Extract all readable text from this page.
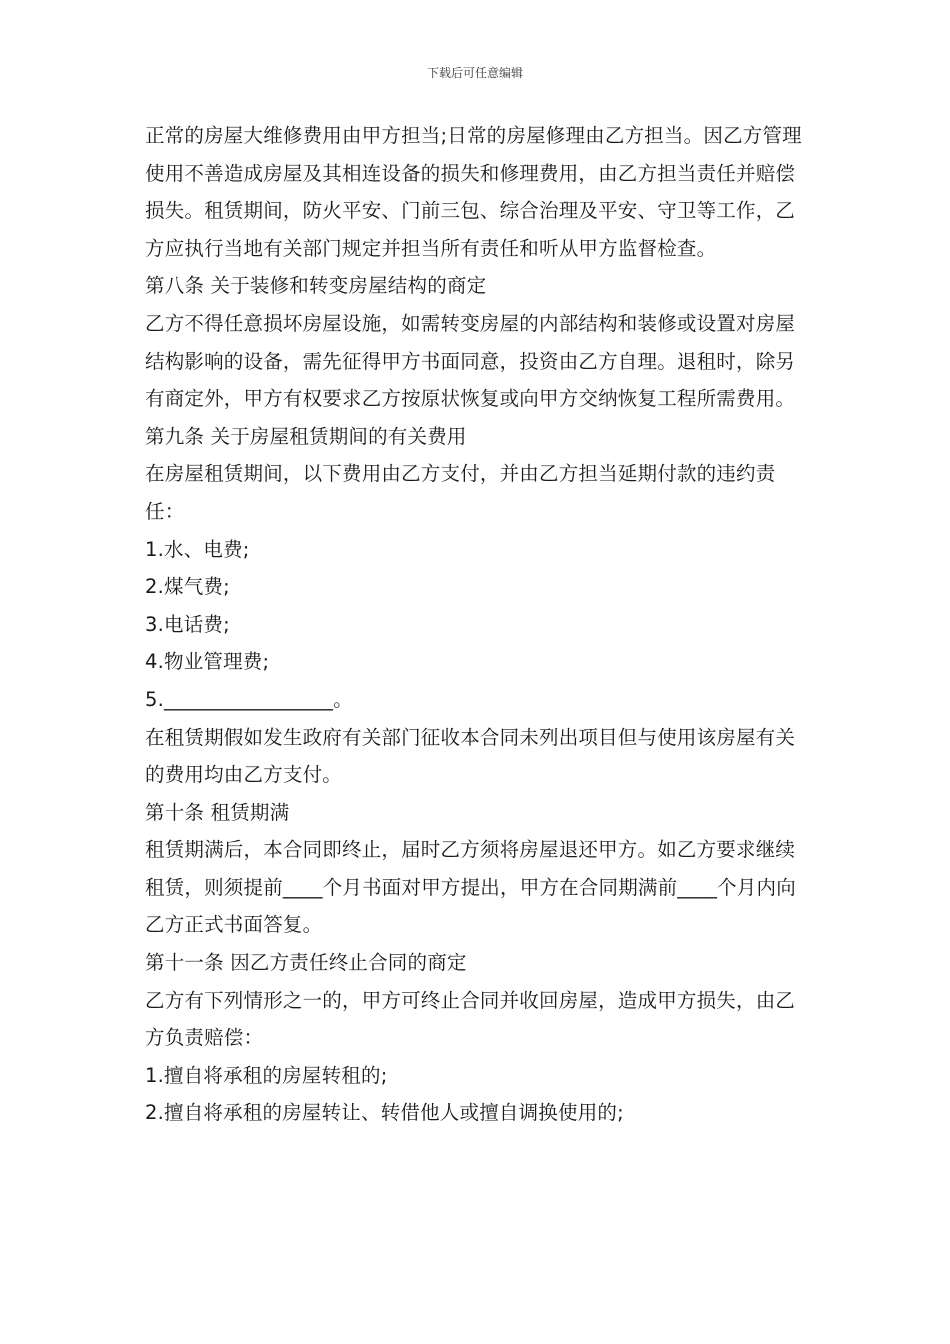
下载后可任意编辑

正常的房屋大维修费用由甲方担当;日常的房屋修理由乙方担当。因乙方管理使用不善造成房屋及其相连设备的损失和修理费用，由乙方担当责任并赔偿损失。租赁期间，防火平安、门前三包、综合治理及平安、守卫等工作，乙方应执行当地有关部门规定并担当所有责任和听从甲方监督检查。

第八条 关于装修和转变房屋结构的商定

乙方不得任意损坏房屋设施，如需转变房屋的内部结构和装修或设置对房屋结构影响的设备，需先征得甲方书面同意，投资由乙方自理。退租时，除另有商定外，甲方有权要求乙方按原状恢复或向甲方交纳恢复工程所需费用。

第九条 关于房屋租赁期间的有关费用

在房屋租赁期间，以下费用由乙方支付，并由乙方担当延期付款的违约责任：

1.水、电费;

2.煤气费;

3.电话费;

4.物业管理费;

5._________________。

在租赁期假如发生政府有关部门征收本合同未列出项目但与使用该房屋有关的费用均由乙方支付。

第十条 租赁期满

租赁期满后，本合同即终止，届时乙方须将房屋退还甲方。如乙方要求继续租赁，则须提前____个月书面对甲方提出，甲方在合同期满前____个月内向乙方正式书面答复。

第十一条 因乙方责任终止合同的商定

乙方有下列情形之一的，甲方可终止合同并收回房屋，造成甲方损失，由乙方负责赔偿：

1.擅自将承租的房屋转租的;

2.擅自将承租的房屋转让、转借他人或擅自调换使用的;
